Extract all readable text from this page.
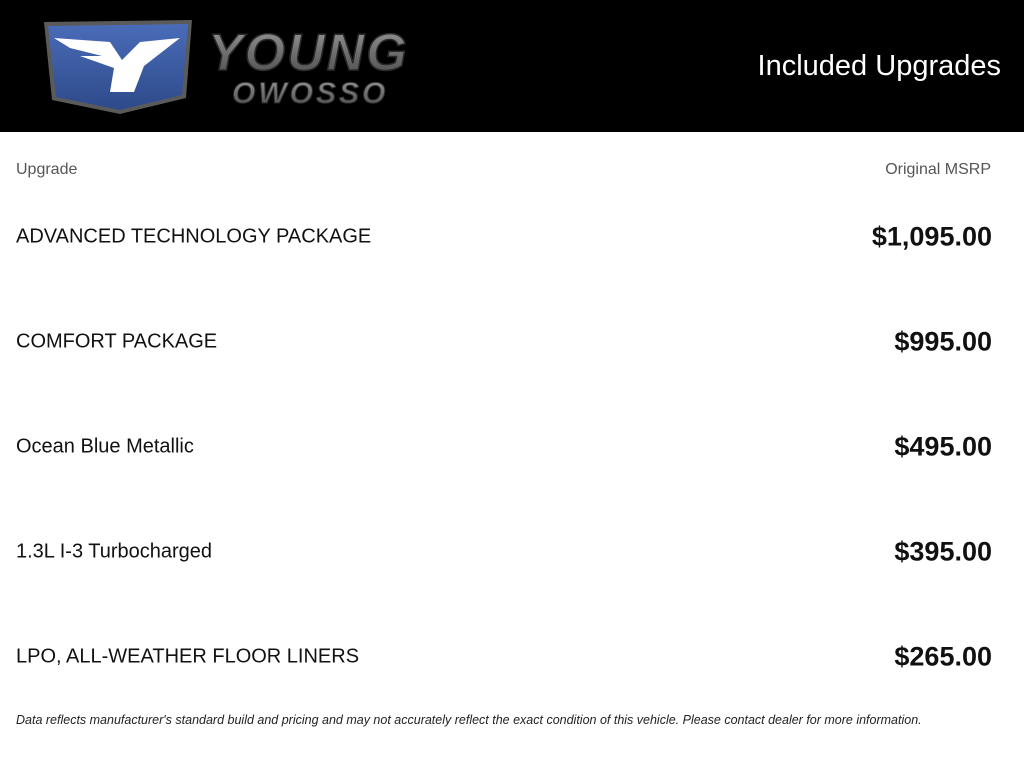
YOUNG
OWOSSO
Included Upgrades
Upgrade	Original MSRP
ADVANCED TECHNOLOGY PACKAGE	$1,095.00
COMFORT PACKAGE	$995.00
Ocean Blue Metallic	$495.00
1.3L I-3 Turbocharged	$395.00
LPO, ALL-WEATHER FLOOR LINERS	$265.00
Data reflects manufacturer's standard build and pricing and may not accurately reflect the exact condition of this vehicle. Please contact dealer for more information.
